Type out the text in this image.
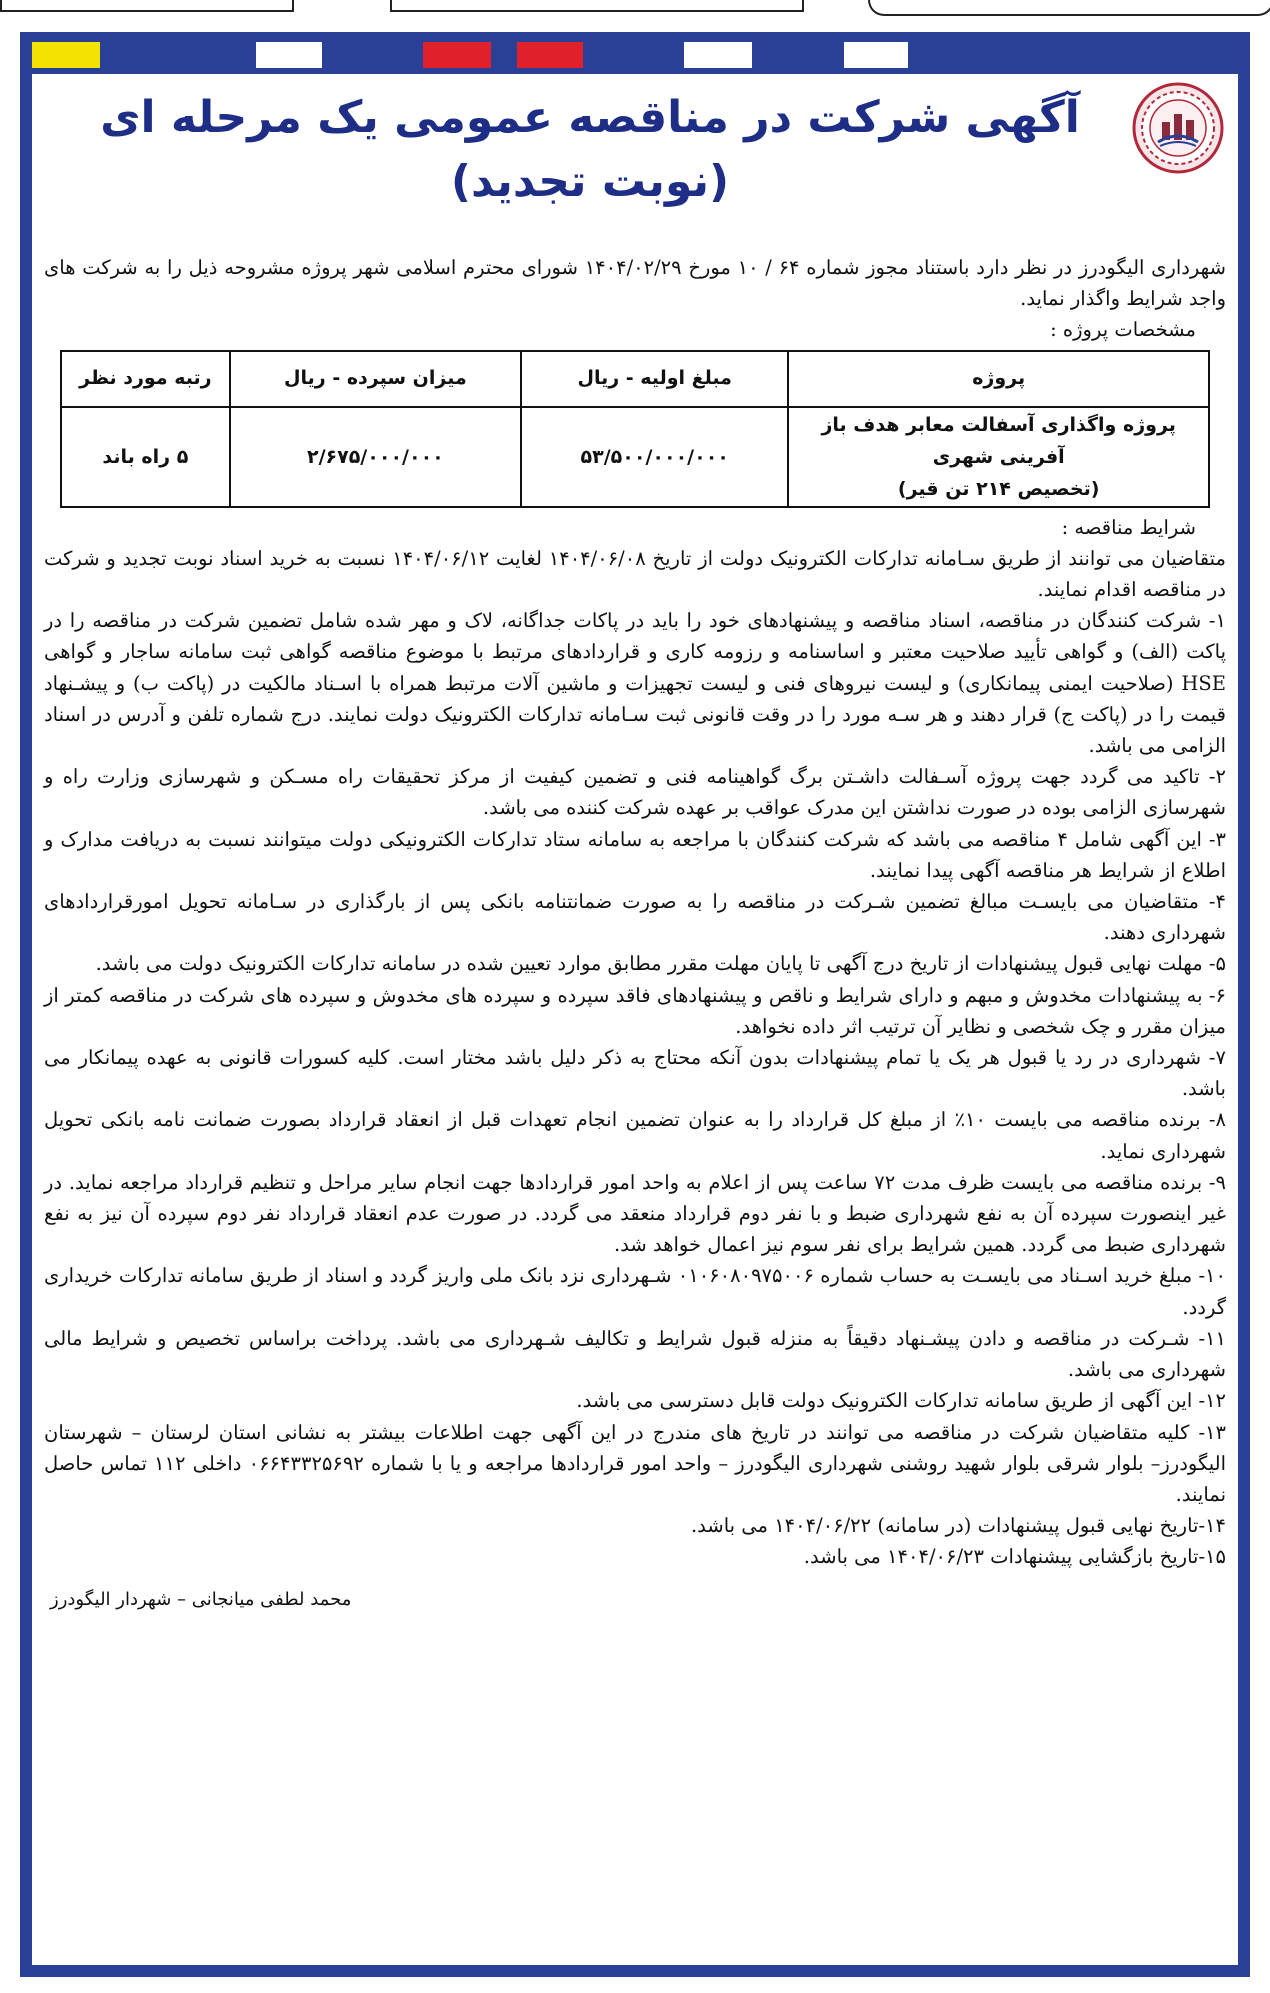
آگهی شرکت در مناقصه عمومی یک مرحله ای
(نوبت تجدید)

شهرداری الیگودرز در نظر دارد باستناد مجوز شماره ۶۴ / ۱۰ مورخ ۱۴۰۴/۰۲/۲۹ شورای محترم اسلامی شهر پروژه مشروحه ذیل را به شرکت های واجد شرایط واگذار نماید.

مشخصات پروژه :

پروژه	مبلغ اولیه - ریال	میزان سپرده - ریال	رتبه مورد نظر

پروژه واگذاری آسفالت معابر هدف باز آفرینی شهری
(تخصیص ۲۱۴ تن قیر)	۵۳/۵۰۰/۰۰۰/۰۰۰	۲/۶۷۵/۰۰۰/۰۰۰	۵ راه باند

شرایط مناقصه :

متقاضیان می توانند از طریق سـامانه تدارکات الکترونیک دولت از تاریخ ۱۴۰۴/۰۶/۰۸ لغایت ۱۴۰۴/۰۶/۱۲ نسبت به خرید اسناد نوبت تجدید و شرکت در مناقصه اقدام نمایند.

۱- شرکت کنندگان در مناقصه، اسناد مناقصه و پیشنهادهای خود را باید در پاکات جداگانه، لاک و مهر شده شامل تضمین شرکت در مناقصه را در پاکت (الف) و گواهی تأیید صلاحیت معتبر و اساسنامه و رزومه کاری و قراردادهای مرتبط با موضوع مناقصه گواهی ثبت سامانه ساجار و گواهی HSE (صلاحیت ایمنی پیمانکاری) و لیست نیروهای فنی و لیست تجهیزات و ماشین آلات مرتبط همراه با اسـناد مالکیت در (پاکت ب) و پیشـنهاد قیمت را در (پاکت ج) قرار دهند و هر سـه مورد را در وقت قانونی ثبت سـامانه تدارکات الکترونیک دولت نمایند. درج شماره تلفن و آدرس در اسناد الزامی می باشد.

۲- تاکید می گردد جهت پروژه آسـفالت داشـتن برگ گواهینامه فنی و تضمین کیفیت از مرکز تحقیقات راه مسـکن و شهرسازی وزارت راه و شهرسازی الزامی بوده در صورت نداشتن این مدرک عواقب بر عهده شرکت کننده می باشد.

۳- این آگهی شامل ۴ مناقصه می باشد که شرکت کنندگان با مراجعه به سامانه ستاد تدارکات الکترونیکی دولت میتوانند نسبت به دریافت مدارک و اطلاع از شرایط هر مناقصه آگهی پیدا نمایند.

۴- متقاضیان می بایسـت مبالغ تضمین شـرکت در مناقصه را به صورت ضمانتنامه بانکی پس از بارگذاری در سـامانه تحویل امورقراردادهای شهرداری دهند.

۵- مهلت نهایی قبول پیشنهادات از تاریخ درج آگهی تا پایان مهلت مقرر مطابق موارد تعیین شده در سامانه تدارکات الکترونیک دولت می باشد.

۶- به پیشنهادات مخدوش و مبهم و دارای شرایط و ناقص و پیشنهادهای فاقد سپرده و سپرده های مخدوش و سپرده های شرکت در مناقصه کمتر از میزان مقرر و چک شخصی و نظایر آن ترتیب اثر داده نخواهد.

۷- شهرداری در رد یا قبول هر یک یا تمام پیشنهادات بدون آنکه محتاج به ذکر دلیل باشد مختار است. کلیه کسورات قانونی به عهده پیمانکار می باشد.

۸- برنده مناقصه می بایست ۱۰٪ از مبلغ کل قرارداد را به عنوان تضمین انجام تعهدات قبل از انعقاد قرارداد بصورت ضمانت نامه بانکی تحویل شهرداری نماید.

۹- برنده مناقصه می بایست ظرف مدت ۷۲ ساعت پس از اعلام به واحد امور قراردادها جهت انجام سایر مراحل و تنظیم قرارداد مراجعه نماید. در غیر اینصورت سپرده آن به نفع شهرداری ضبط و با نفر دوم قرارداد منعقد می گردد. در صورت عدم انعقاد قرارداد نفر دوم سپرده آن نیز به نفع شهرداری ضبط می گردد. همین شرایط برای نفر سوم نیز اعمال خواهد شد.

۱۰- مبلغ خرید اسـناد می بایسـت به حساب شماره ۰۱۰۶۰۸۰۹۷۵۰۰۶ شـهرداری نزد بانک ملی واریز گردد و اسناد از طریق سامانه تدارکات خریداری گردد.

۱۱- شـرکت در مناقصه و دادن پیشـنهاد دقیقاً به منزله قبول شرایط و تکالیف شـهرداری می باشد. پرداخت براساس تخصیص و شرایط مالی شهرداری می باشد.

۱۲- این آگهی از طریق سامانه تدارکات الکترونیک دولت قابل دسترسی می باشد.

۱۳- کلیه متقاضیان شرکت در مناقصه می توانند در تاریخ های مندرج در این آگهی جهت اطلاعات بیشتر به نشانی استان لرستان – شهرستان الیگودرز– بلوار شرقی بلوار شهید روشنی شهرداری الیگودرز – واحد امور قراردادها مراجعه و یا با شماره ۰۶۶۴۳۳۲۵۶۹۲ داخلی ۱۱۲ تماس حاصل نمایند.

۱۴-تاریخ نهایی قبول پیشنهادات (در سامانه) ۱۴۰۴/۰۶/۲۲ می باشد.

۱۵-تاریخ بازگشایی پیشنهادات ۱۴۰۴/۰۶/۲۳ می باشد.

محمد لطفی میانجانی – شهردار الیگودرز
